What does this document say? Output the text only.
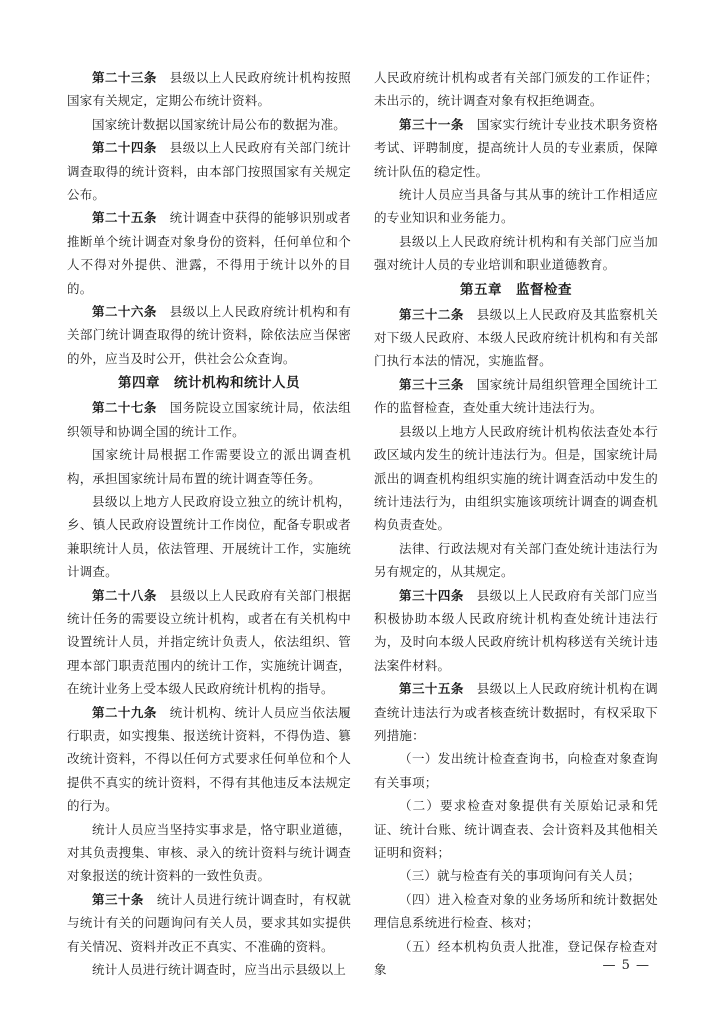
第二十三条　 县级以上人民政府统计机构按照国家有关规定，定期公布统计资料。

国家统计数据以国家统计局公布的数据为准。

第二十四条　 县级以上人民政府有关部门统计调查取得的统计资料，由本部门按照国家有关规定公布。

第二十五条　 统计调查中获得的能够识别或者推断单个统计调查对象身份的资料，任何单位和个人不得对外提供、泄露，不得用于统计以外的目的。

第二十六条　 县级以上人民政府统计机构和有关部门统计调查取得的统计资料，除依法应当保密的外，应当及时公开，供社会公众查询。

第四章　统计机构和统计人员

第二十七条　 国务院设立国家统计局，依法组织领导和协调全国的统计工作。

国家统计局根据工作需要设立的派出调查机构，承担国家统计局布置的统计调查等任务。

县级以上地方人民政府设立独立的统计机构，乡、镇人民政府设置统计工作岗位，配备专职或者兼职统计人员，依法管理、开展统计工作，实施统计调查。

第二十八条　 县级以上人民政府有关部门根据统计任务的需要设立统计机构，或者在有关机构中设置统计人员，并指定统计负责人，依法组织、管理本部门职责范围内的统计工作，实施统计调查，在统计业务上受本级人民政府统计机构的指导。

第二十九条　 统计机构、统计人员应当依法履行职责，如实搜集、报送统计资料，不得伪造、篡改统计资料，不得以任何方式要求任何单位和个人提供不真实的统计资料，不得有其他违反本法规定的行为。

统计人员应当坚持实事求是，恪守职业道德，对其负责搜集、审核、录入的统计资料与统计调查对象报送的统计资料的一致性负责。

第三十条　 统计人员进行统计调查时，有权就与统计有关的问题询问有关人员，要求其如实提供有关情况、资料并改正不真实、不准确的资料。

统计人员进行统计调查时，应当出示县级以上

人民政府统计机构或者有关部门颁发的工作证件；未出示的，统计调查对象有权拒绝调查。

第三十一条　 国家实行统计专业技术职务资格考试、评聘制度，提高统计人员的专业素质，保障统计队伍的稳定性。

统计人员应当具备与其从事的统计工作相适应的专业知识和业务能力。

县级以上人民政府统计机构和有关部门应当加强对统计人员的专业培训和职业道德教育。

第五章　监督检查

第三十二条　 县级以上人民政府及其监察机关对下级人民政府、本级人民政府统计机构和有关部门执行本法的情况，实施监督。

第三十三条　 国家统计局组织管理全国统计工作的监督检查，查处重大统计违法行为。

县级以上地方人民政府统计机构依法查处本行政区域内发生的统计违法行为。但是，国家统计局派出的调查机构组织实施的统计调查活动中发生的统计违法行为，由组织实施该项统计调查的调查机构负责查处。

法律、行政法规对有关部门查处统计违法行为另有规定的，从其规定。

第三十四条　 县级以上人民政府有关部门应当积极协助本级人民政府统计机构查处统计违法行为，及时向本级人民政府统计机构移送有关统计违法案件材料。

第三十五条　 县级以上人民政府统计机构在调查统计违法行为或者核查统计数据时，有权采取下列措施：

（一）发出统计检查查询书，向检查对象查询有关事项；

（二）要求检查对象提供有关原始记录和凭证、统计台账、统计调查表、会计资料及其他相关证明和资料；

（三）就与检查有关的事项询问有关人员；

（四）进入检查对象的业务场所和统计数据处理信息系统进行检查、核对；

（五）经本机构负责人批准，登记保存检查对象	— 5 —
